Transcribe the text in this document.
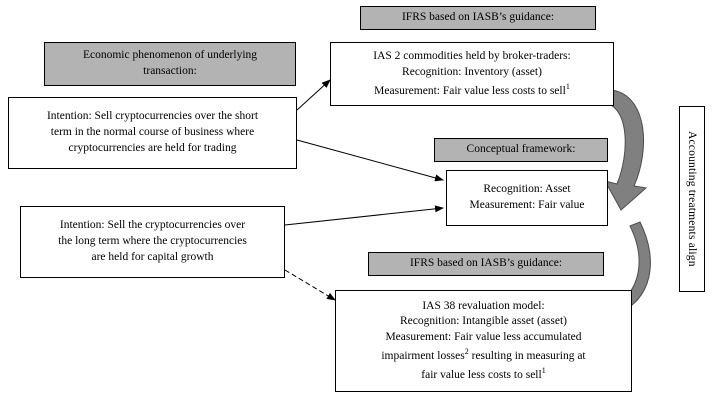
IFRS based on IASB’s guidance:
Economic phenomenon of underlying
transaction:
IAS 2 commodities held by broker-traders:
Recognition: Inventory (asset)
Measurement: Fair value less costs to sell$^1$
Intention: Sell cryptocurrencies over the short
term in the normal course of business where
cryptocurrencies are held for trading	Conceptual framework:
Recognition: Asset
Measurement: Fair value
Intention: Sell the cryptocurrencies over
the long term where the cryptocurrencies
are held for capital growth
IFRS based on IASB’s guidance:
IAS 38 revaluation model:
Recognition: Intangible asset (asset)
Measurement: Fair value less accumulated
impairment losses$^2$ resulting in measuring at
fair value less costs to sell$^1$
Accounting treatments align
